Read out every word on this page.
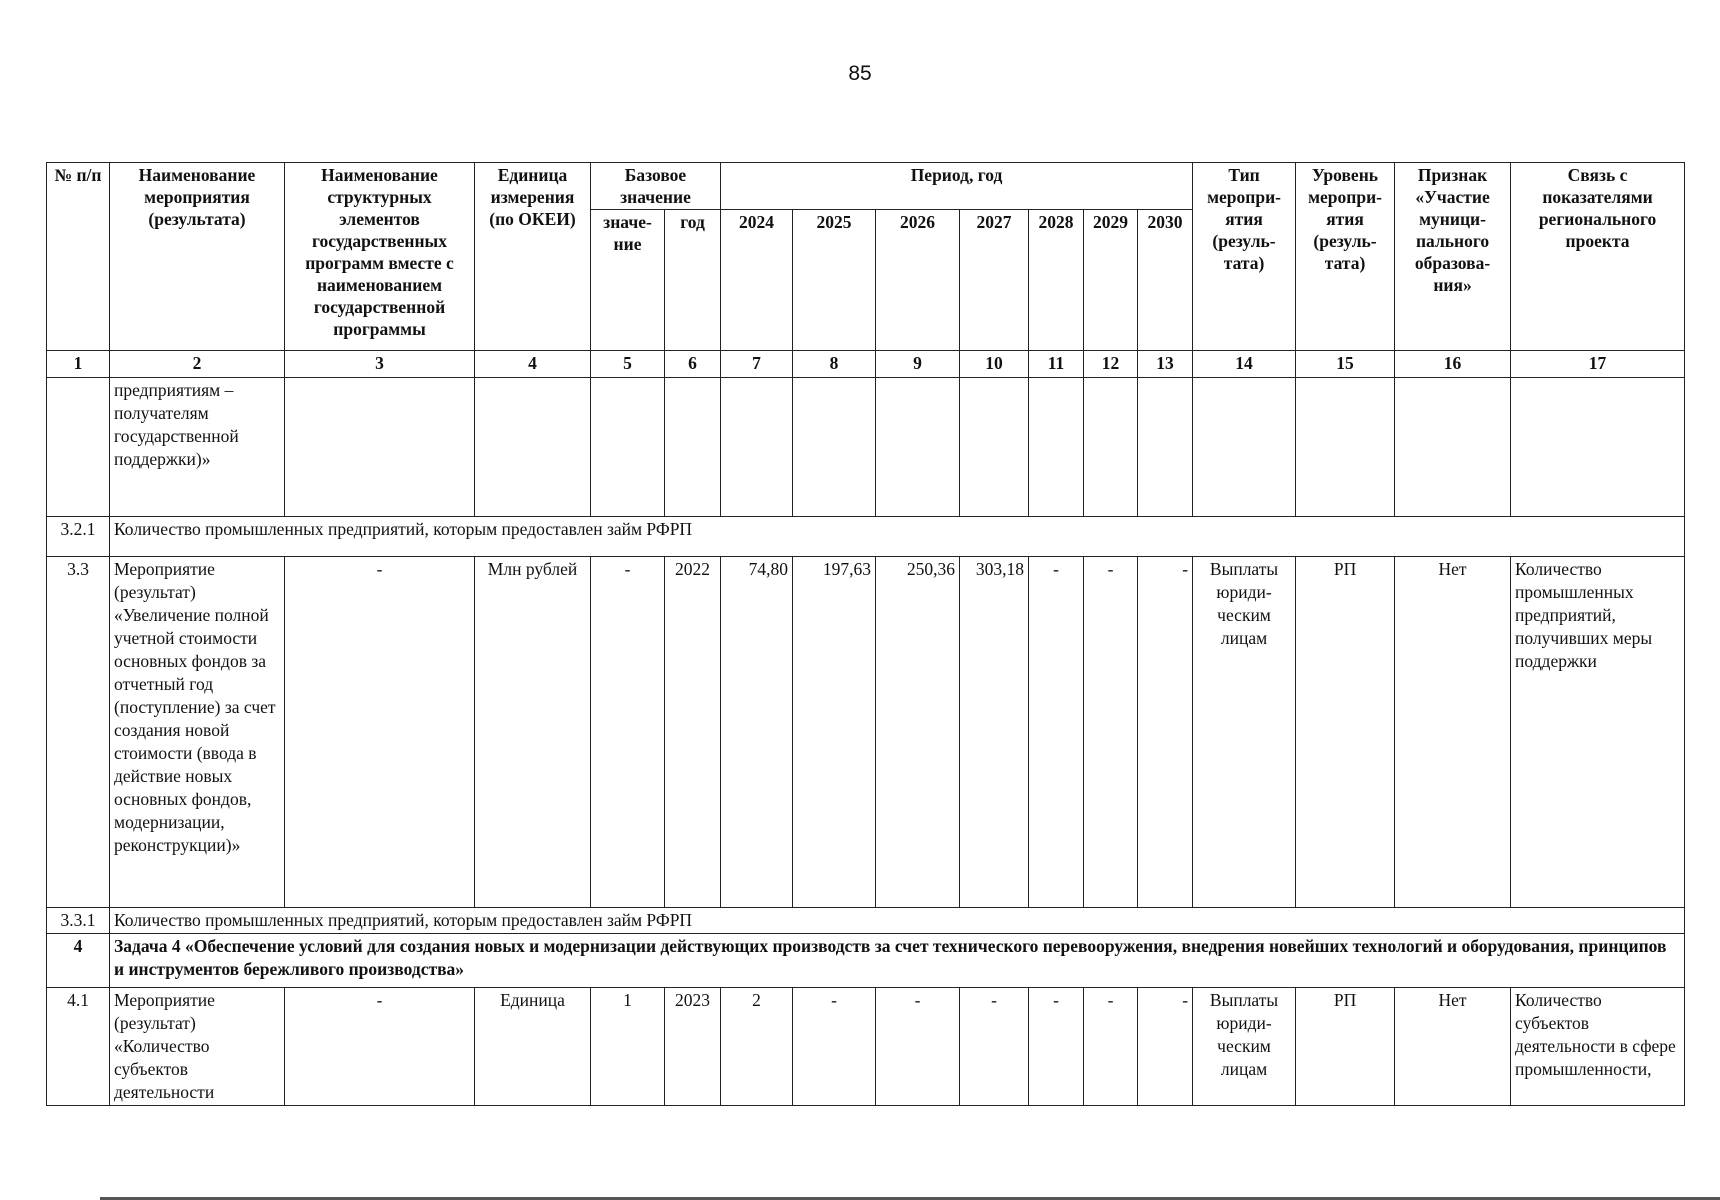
85
№ п/п	Наименование мероприятия (результата)	Наименование структурных элементов государственных программ вместе с наименованием государственной программы	Единица измерения (по ОКЕИ)	Базовое значение		Период, год							Тип меропри-ятия (резуль-тата)	Уровень меропри-ятия (резуль-тата)	Признак «Участие муници-пального образова-ния»	Связь с показателями регионального проекта
				значе-ние	год	2024	2025	2026	2027	2028	2029	2030				
1	2	3	4	5	6	7	8	9	10	11	12	13	14	15	16	17
	предприятиям – получателям государственной поддержки)»															
3.2.1	Количество промышленных предприятий, которым предоставлен займ РФРП															
3.3	Мероприятие (результат) «Увеличение полной учетной стоимости основных фондов за отчетный год (поступление) за счет создания новой стоимости (ввода в действие новых основных фондов, модернизации, реконструкции)»	-	Млн рублей	-	2022	74,80	197,63	250,36	303,18	-	-	-	Выплаты юриди-ческим лицам	РП	Нет	Количество промышленных предприятий, получивших меры поддержки
3.3.1	Количество промышленных предприятий, которым предоставлен займ РФРП															
4	Задача 4 «Обеспечение условий для создания новых и модернизации действующих производств за счет технического перевооружения, внедрения новейших технологий и оборудования, принципов и инструментов бережливого производства»															
4.1	Мероприятие (результат) «Количество субъектов деятельности	-	Единица	1	2023	2	-	-	-	-	-	-	Выплаты юриди-ческим лицам	РП	Нет	Количество субъектов деятельности в сфере промышленности,
